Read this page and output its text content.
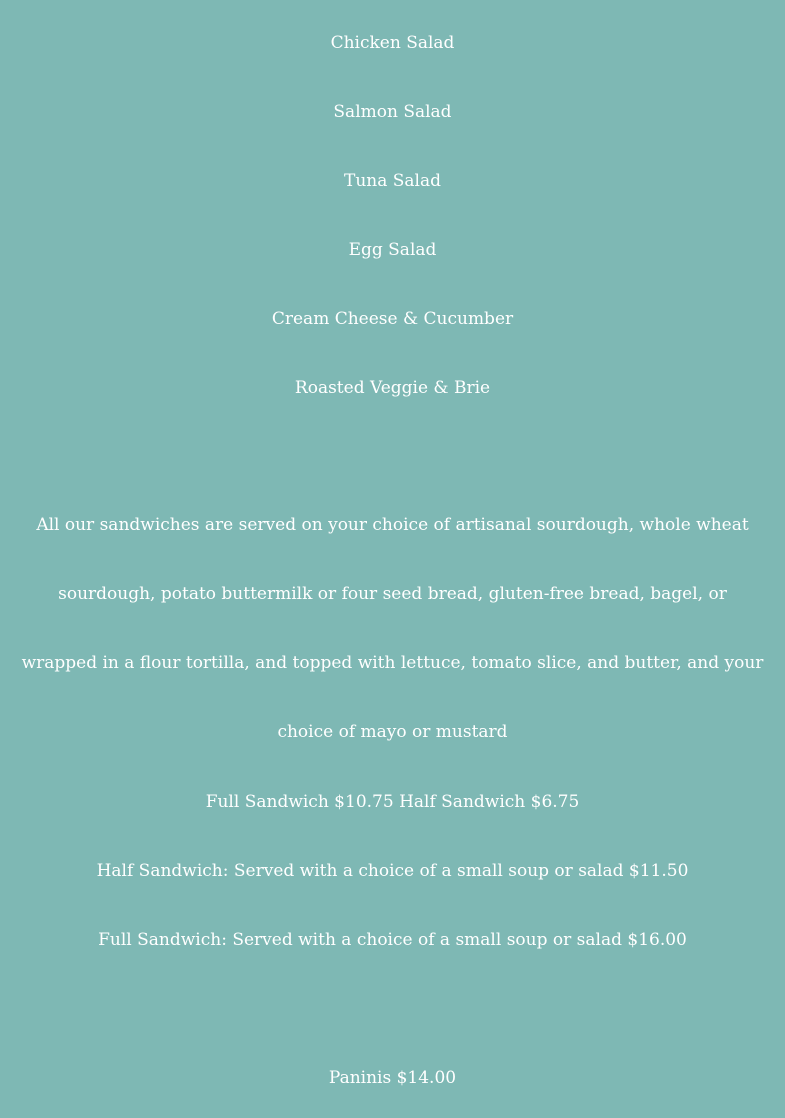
Chicken Salad
Salmon Salad
Tuna Salad
Egg Salad
Cream Cheese & Cucumber
Roasted Veggie & Brie
All our sandwiches are served on your choice of artisanal sourdough, whole wheat sourdough, potato buttermilk or four seed bread, gluten-free bread, bagel, or wrapped in a flour tortilla, and topped with lettuce, tomato slice, and butter, and your choice of mayo or mustard
Full Sandwich $10.75 Half Sandwich $6.75
Half Sandwich: Served with a choice of a small soup or salad $11.50
Full Sandwich: Served with a choice of a small soup or salad $16.00
Paninis $14.00
